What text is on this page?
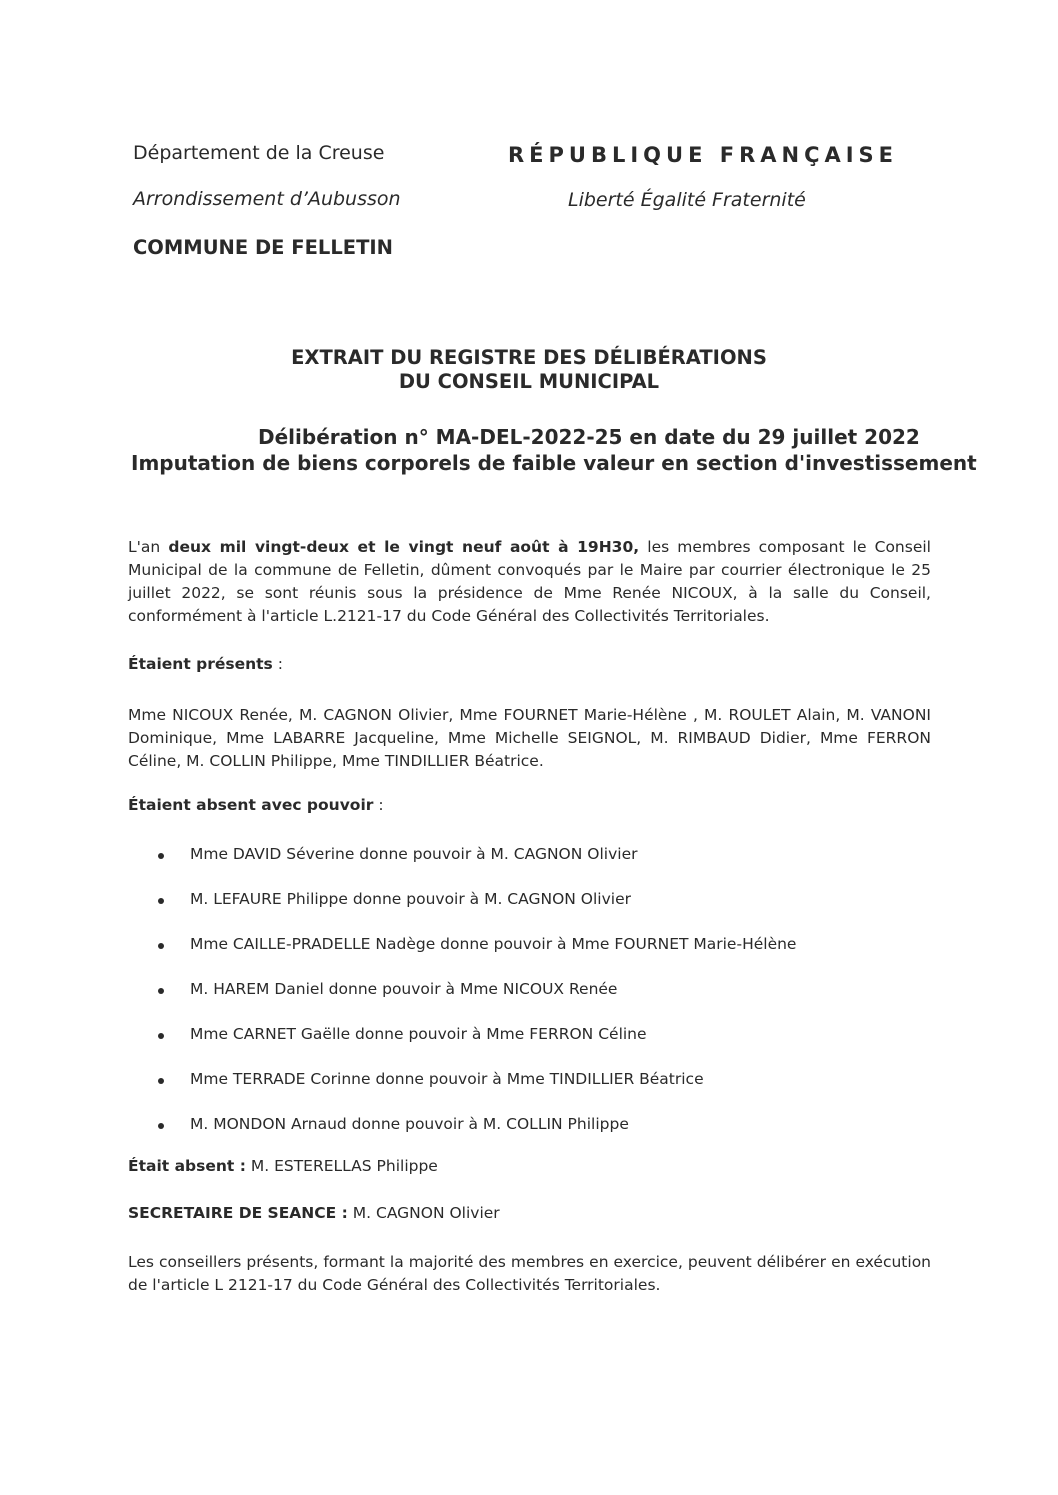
Département de la Creuse
Arrondissement d’Aubusson
COMMUNE DE FELLETIN
RÉPUBLIQUE FRANÇAISE
Liberté Égalité Fraternité
EXTRAIT DU REGISTRE DES DÉLIBÉRATIONS
DU CONSEIL MUNICIPAL
Délibération n° MA-DEL-2022-25 en date du 29 juillet 2022
Imputation de biens corporels de faible valeur en section d'investissement
L'an deux mil vingt-deux et le vingt neuf août à 19H30, les membres composant le Conseil Municipal de la commune de Felletin, dûment convoqués par le Maire par courrier électronique le 25 juillet 2022, se sont réunis sous la présidence de Mme Renée NICOUX, à la salle du Conseil, conformément à l'article L.2121-17 du Code Général des Collectivités Territoriales.
Étaient présents :
Mme NICOUX Renée, M. CAGNON Olivier, Mme FOURNET Marie-Hélène , M. ROULET Alain, M. VANONI Dominique, Mme LABARRE Jacqueline, Mme Michelle SEIGNOL, M. RIMBAUD Didier, Mme FERRON Céline, M. COLLIN Philippe, Mme TINDILLIER Béatrice.
Étaient absent avec pouvoir :
Mme DAVID Séverine donne pouvoir à M. CAGNON Olivier
M. LEFAURE Philippe donne pouvoir à M. CAGNON Olivier
Mme CAILLE-PRADELLE Nadège donne pouvoir à Mme FOURNET Marie-Hélène
M. HAREM Daniel donne pouvoir à Mme NICOUX Renée
Mme CARNET Gaëlle donne pouvoir à Mme FERRON Céline
Mme TERRADE Corinne donne pouvoir à Mme TINDILLIER Béatrice
M. MONDON Arnaud donne pouvoir à M. COLLIN Philippe
Était absent : M. ESTERELLAS Philippe
SECRETAIRE DE SEANCE : M. CAGNON Olivier
Les conseillers présents, formant la majorité des membres en exercice, peuvent délibérer en exécution de l'article L 2121-17 du Code Général des Collectivités Territoriales.
